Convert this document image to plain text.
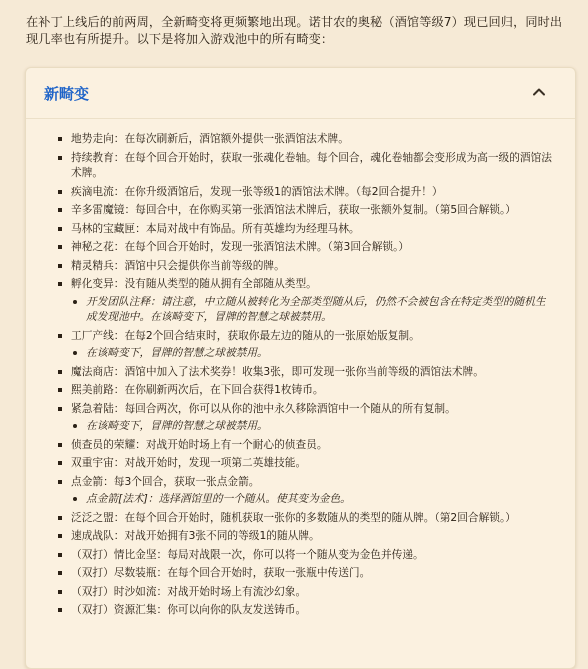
在补丁上线后的前两周，全新畸变将更频繁地出现。诺甘农的奥秘（酒馆等级7）现已回归，同时出现几率也有所提升。以下是将加入游戏池中的所有畸变：
新畸变
地势走向：在每次刷新后，酒馆额外提供一张酒馆法术牌。
持续教育：在每个回合开始时，获取一张魂化卷轴。每个回合，魂化卷轴都会变形成为高一级的酒馆法术牌。
疾滴电流：在你升级酒馆后，发现一张等级1的酒馆法术牌。（每2回合提升！）
辛多雷魔镜：每回合中，在你购买第一张酒馆法术牌后，获取一张额外复制。（第5回合解锁。）
马林的宝藏匣：本局对战中有饰品。所有英雄均为经理马林。
神秘之花：在每个回合开始时，发现一张酒馆法术牌。（第3回合解锁。）
精灵精兵：酒馆中只会提供你当前等级的牌。
孵化变异：没有随从类型的随从拥有全部随从类型。
开发团队注释：请注意，中立随从被转化为全部类型随从后，仍然不会被包含在特定类型的随机生成发现池中。在该畸变下，冒牌的智慧之球被禁用。
工厂产线：在每2个回合结束时，获取你最左边的随从的一张原始版复制。
在该畸变下，冒牌的智慧之球被禁用。
魔法商店：酒馆中加入了法术奖券！收集3张，即可发现一张你当前等级的酒馆法术牌。
熙美前路：在你刷新两次后，在下回合获得1枚铸币。
紧急着陆：每回合两次，你可以从你的池中永久移除酒馆中一个随从的所有复制。
在该畸变下，冒牌的智慧之球被禁用。
侦查员的荣耀：对战开始时场上有一个耐心的侦查员。
双重宇宙：对战开始时，发现一项第二英雄技能。
点金箭：每3个回合，获取一张点金箭。
点金箭[法术]：选择酒馆里的一个随从。使其变为金色。
泛泛之盟：在每个回合开始时，随机获取一张你的多数随从的类型的随从牌。（第2回合解锁。）
速成战队：对战开始拥有3张不同的等级1的随从牌。
（双打）情比金坚：每局对战限一次，你可以将一个随从变为金色并传递。
（双打）尽数装瓶：在每个回合开始时，获取一张瓶中传送门。
（双打）时沙如流：对战开始时场上有流沙幻象。
（双打）资源汇集：你可以向你的队友发送铸币。
